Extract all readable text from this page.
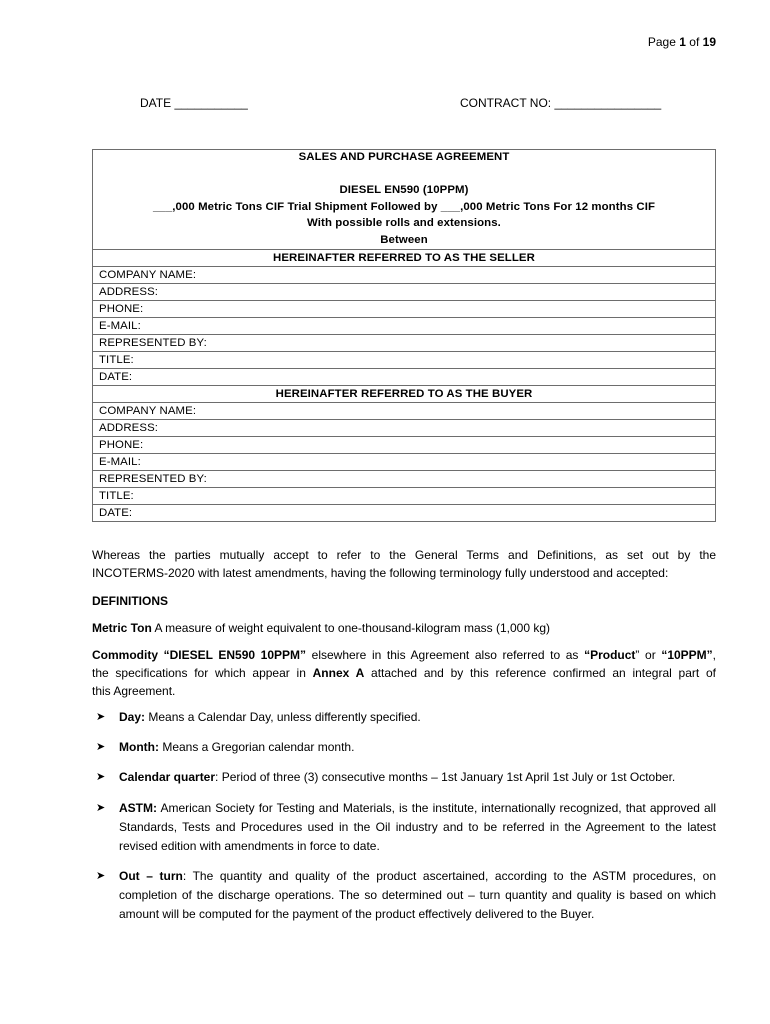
Page 1 of 19
DATE ___________	CONTRACT NO: ________________
SALES AND PURCHASE AGREEMENT
DIESEL EN590 (10PPM)
___,000 Metric Tons CIF Trial Shipment Followed by ___,000 Metric Tons For 12 months CIF
With possible rolls and extensions.
Between

HEREINAFTER REFERRED TO AS THE SELLER
COMPANY NAME:
ADDRESS:
PHONE:
E-MAIL:
REPRESENTED BY:
TITLE:
DATE:
HEREINAFTER REFERRED TO AS THE BUYER
COMPANY NAME:
ADDRESS:
PHONE:
E-MAIL:
REPRESENTED BY:
TITLE:
DATE:
Whereas the parties mutually accept to refer to the General Terms and Definitions, as set out by the
INCOTERMS-2020 with latest amendments, having the following terminology fully understood and accepted:
DEFINITIONS
Metric Ton A measure of weight equivalent to one-thousand-kilogram mass (1,000 kg)
Commodity “DIESEL EN590 10PPM” elsewhere in this Agreement also referred to as “Product” or “10PPM”,
the specifications for which appear in Annex A attached and by this reference confirmed an integral part of
this Agreement.
➤ Day: Means a Calendar Day, unless differently specified.
➤ Month: Means a Gregorian calendar month.
➤ Calendar quarter: Period of three (3) consecutive months – 1st January 1st April 1st July or 1st October.
➤ ASTM: American Society for Testing and Materials, is the institute, internationally recognized, that approved all Standards, Tests and Procedures used in the Oil industry and to be referred in the Agreement to the latest revised edition with amendments in force to date.
➤ Out – turn: The quantity and quality of the product ascertained, according to the ASTM procedures, on completion of the discharge operations. The so determined out – turn quantity and quality is based on which amount will be computed for the payment of the product effectively delivered to the Buyer.
